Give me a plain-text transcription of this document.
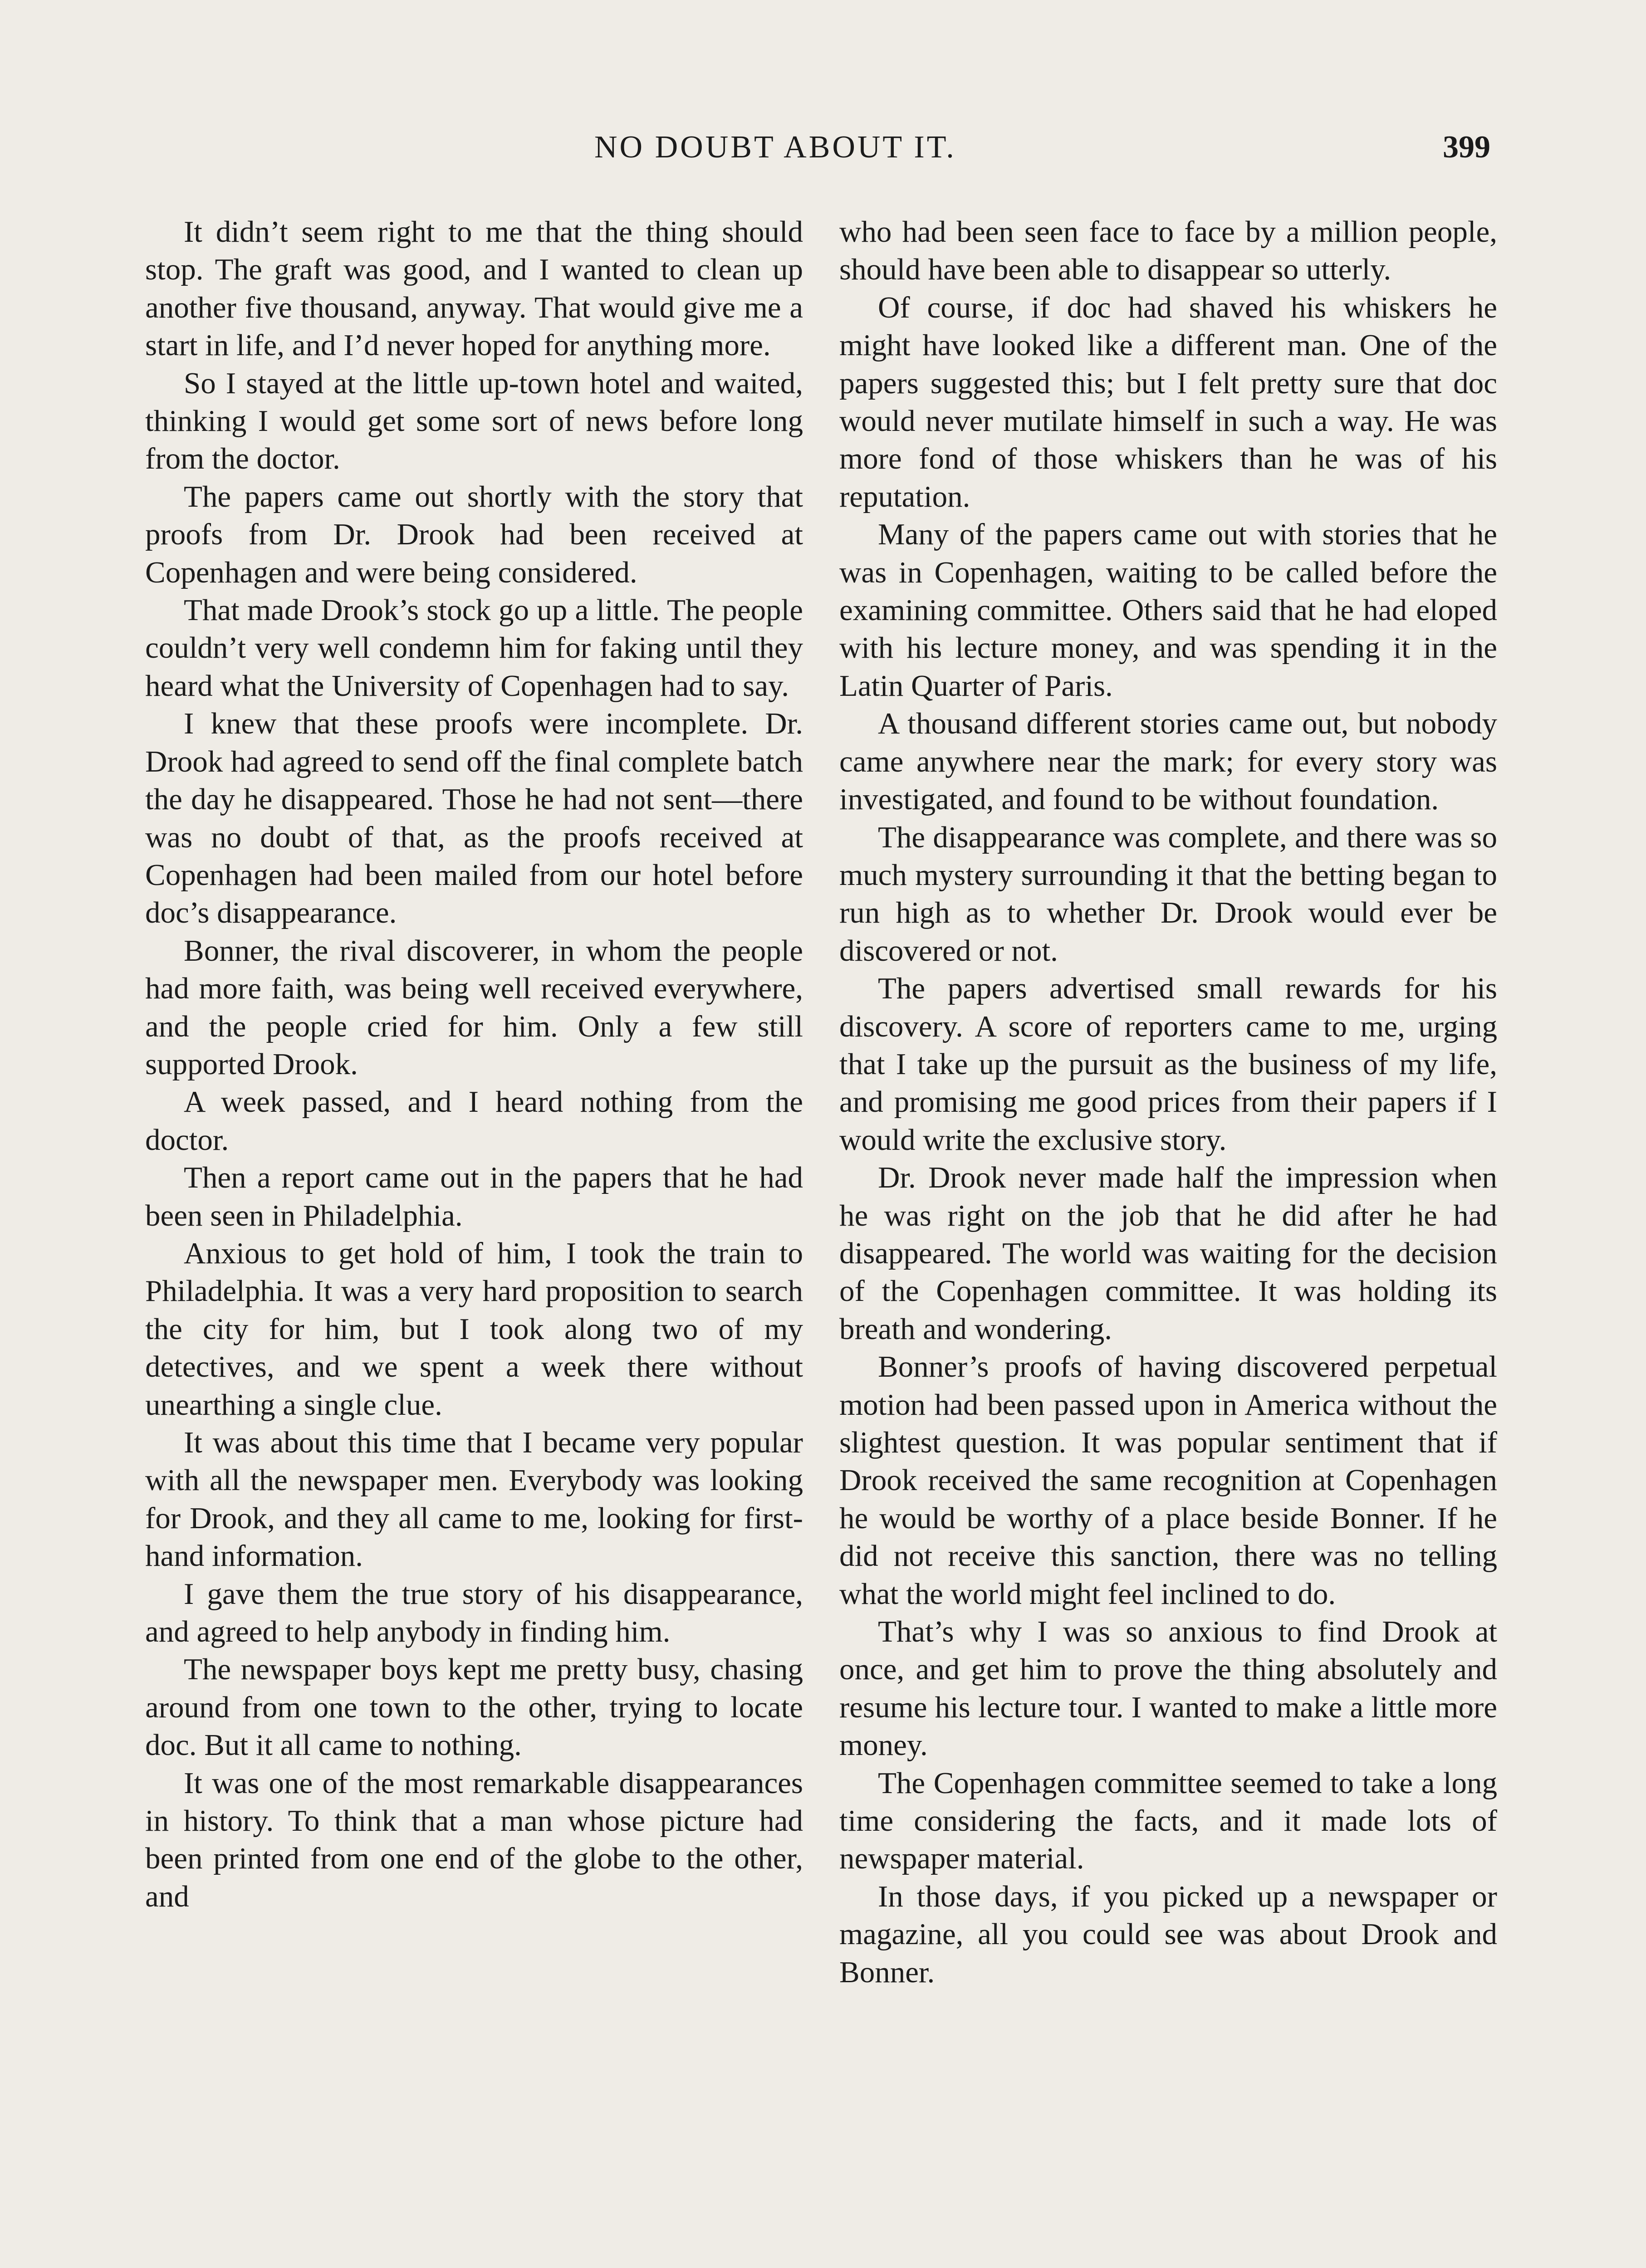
NO DOUBT ABOUT IT.	399

It didn’t seem right to me that the thing should stop. The graft was good, and I wanted to clean up another five thousand, anyway. That would give me a start in life, and I’d never hoped for anything more.

So I stayed at the little up-town hotel and waited, thinking I would get some sort of news before long from the doctor.

The papers came out shortly with the story that proofs from Dr. Drook had been received at Copenhagen and were being considered.

That made Drook’s stock go up a little. The people couldn’t very well condemn him for faking until they heard what the University of Copenhagen had to say.

I knew that these proofs were incomplete. Dr. Drook had agreed to send off the final complete batch the day he disappeared. Those he had not sent—there was no doubt of that, as the proofs received at Copenhagen had been mailed from our hotel before doc’s disappearance.

Bonner, the rival discoverer, in whom the people had more faith, was being well received everywhere, and the people cried for him. Only a few still supported Drook.

A week passed, and I heard nothing from the doctor.

Then a report came out in the papers that he had been seen in Philadelphia.

Anxious to get hold of him, I took the train to Philadelphia. It was a very hard proposition to search the city for him, but I took along two of my detectives, and we spent a week there without unearthing a single clue.

It was about this time that I became very popular with all the newspaper men. Everybody was looking for Drook, and they all came to me, looking for first-hand information.

I gave them the true story of his disappearance, and agreed to help anybody in finding him.

The newspaper boys kept me pretty busy, chasing around from one town to the other, trying to locate doc. But it all came to nothing.

It was one of the most remarkable disappearances in history. To think that a man whose picture had been printed from one end of the globe to the other, and

who had been seen face to face by a million people, should have been able to disappear so utterly.

Of course, if doc had shaved his whiskers he might have looked like a different man. One of the papers suggested this; but I felt pretty sure that doc would never mutilate himself in such a way. He was more fond of those whiskers than he was of his reputation.

Many of the papers came out with stories that he was in Copenhagen, waiting to be called before the examining committee. Others said that he had eloped with his lecture money, and was spending it in the Latin Quarter of Paris.

A thousand different stories came out, but nobody came anywhere near the mark; for every story was investigated, and found to be without foundation.

The disappearance was complete, and there was so much mystery surrounding it that the betting began to run high as to whether Dr. Drook would ever be discovered or not.

The papers advertised small rewards for his discovery. A score of reporters came to me, urging that I take up the pursuit as the business of my life, and promising me good prices from their papers if I would write the exclusive story.

Dr. Drook never made half the impression when he was right on the job that he did after he had disappeared. The world was waiting for the decision of the Copenhagen committee. It was holding its breath and wondering.

Bonner’s proofs of having discovered perpetual motion had been passed upon in America without the slightest question. It was popular sentiment that if Drook received the same recognition at Copenhagen he would be worthy of a place beside Bonner. If he did not receive this sanction, there was no telling what the world might feel inclined to do.

That’s why I was so anxious to find Drook at once, and get him to prove the thing absolutely and resume his lecture tour. I wanted to make a little more money.

The Copenhagen committee seemed to take a long time considering the facts, and it made lots of newspaper material.

In those days, if you picked up a newspaper or magazine, all you could see was about Drook and Bonner.
